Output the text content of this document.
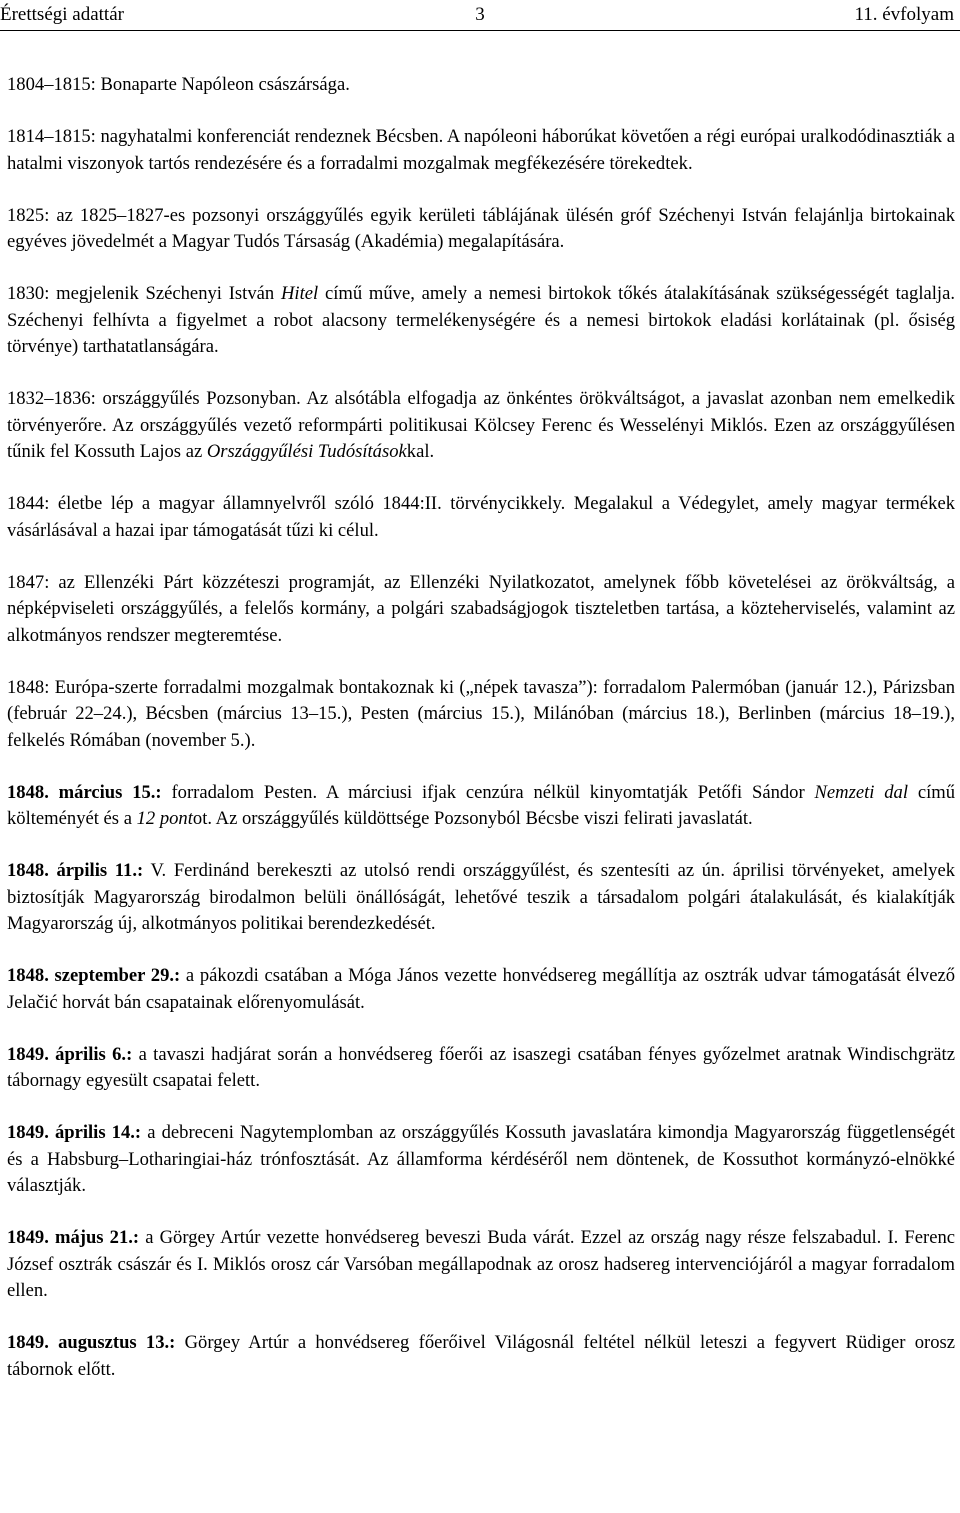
Érettségi adattár	3	11. évfolyam

1804–1815: Bonaparte Napóleon császársága.

1814–1815: nagyhatalmi konferenciát rendeznek Bécsben. A napóleoni háborúkat követően a régi európai uralkodódinasztiák a hatalmi viszonyok tartós rendezésére és a forradalmi mozgalmak megfékezésére törekedtek.

1825: az 1825–1827-es pozsonyi országgyűlés egyik kerületi táblájának ülésén gróf Széchenyi István felajánlja birtokainak egyéves jövedelmét a Magyar Tudós Társaság (Akadémia) megalapítására.

1830: megjelenik Széchenyi István Hitel című műve, amely a nemesi birtokok tőkés átalakításának szükségességét taglalja. Széchenyi felhívta a figyelmet a robot alacsony termelékenységére és a nemesi birtokok eladási korlátainak (pl. ősiség törvénye) tarthatatlanságára.

1832–1836: országgyűlés Pozsonyban. Az alsótábla elfogadja az önkéntes örökváltságot, a javaslat azonban nem emelkedik törvényerőre. Az országgyűlés vezető reformpárti politikusai Kölcsey Ferenc és Wesselényi Miklós. Ezen az országgyűlésen tűnik fel Kossuth Lajos az Országgyűlési Tudósításokkal.

1844: életbe lép a magyar államnyelvről szóló 1844:II. törvénycikkely. Megalakul a Védegylet, amely magyar termékek vásárlásával a hazai ipar támogatását tűzi ki célul.

1847: az Ellenzéki Párt közzéteszi programját, az Ellenzéki Nyilatkozatot, amelynek főbb követelései az örökváltság, a népképviseleti országgyűlés, a felelős kormány, a polgári szabadságjogok tiszteletben tartása, a közteherviselés, valamint az alkotmányos rendszer megteremtése.

1848: Európa-szerte forradalmi mozgalmak bontakoznak ki („népek tavasza”): forradalom Palermóban (január 12.), Párizsban (február 22–24.), Bécsben (március 13–15.), Pesten (március 15.), Milánóban (március 18.), Berlinben (március 18–19.), felkelés Rómában (november 5.).

1848. március 15.: forradalom Pesten. A márciusi ifjak cenzúra nélkül kinyomtatják Petőfi Sándor Nemzeti dal című költeményét és a 12 pontot. Az országgyűlés küldöttsége Pozsonyból Bécsbe viszi felirati javaslatát.

1848. árpilis 11.: V. Ferdinánd berekeszti az utolsó rendi országgyűlést, és szentesíti az ún. áprilisi törvényeket, amelyek biztosítják Magyarország birodalmon belüli önállóságát, lehetővé teszik a társadalom polgári átalakulását, és kialakítják Magyarország új, alkotmányos politikai berendezkedését.

1848. szeptember 29.: a pákozdi csatában a Móga János vezette honvédsereg megállítja az osztrák udvar támogatását élvező Jelačić horvát bán csapatainak előrenyomulását.

1849. április 6.: a tavaszi hadjárat során a honvédsereg főerői az isaszegi csatában fényes győzelmet aratnak Windischgrätz tábornagy egyesült csapatai felett.

1849. április 14.: a debreceni Nagytemplomban az országgyűlés Kossuth javaslatára kimondja Magyarország függetlenségét és a Habsburg–Lotharingiai-ház trónfosztását. Az államforma kérdéséről nem döntenek, de Kossuthot kormányzó-elnökké választják.

1849. május 21.: a Görgey Artúr vezette honvédsereg beveszi Buda várát. Ezzel az ország nagy része felszabadul. I. Ferenc József osztrák császár és I. Miklós orosz cár Varsóban megállapodnak az orosz hadsereg intervenciójáról a magyar forradalom ellen.

1849. augusztus 13.: Görgey Artúr a honvédsereg főerőivel Világosnál feltétel nélkül leteszi a fegyvert Rüdiger orosz tábornok előtt.
